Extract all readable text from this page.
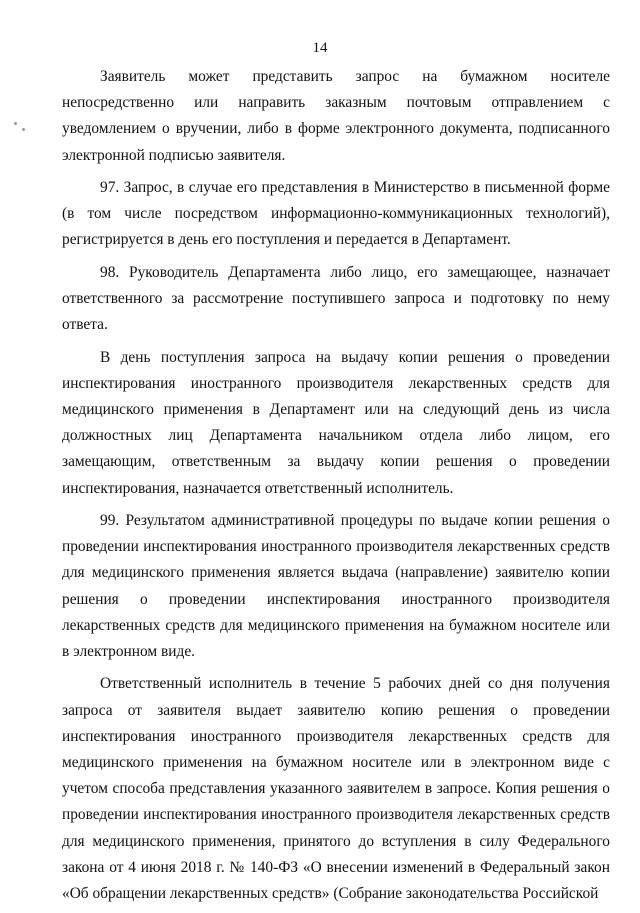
14

Заявитель может представить запрос на бумажном носителе непосредственно или направить заказным почтовым отправлением с уведомлением о вручении, либо в форме электронного документа, подписанного электронной подписью заявителя.

97. Запрос, в случае его представления в Министерство в письменной форме (в том числе посредством информационно-коммуникационных технологий), регистрируется в день его поступления и передается в Департамент.

98. Руководитель Департамента либо лицо, его замещающее, назначает ответственного за рассмотрение поступившего запроса и подготовку по нему ответа.

В день поступления запроса на выдачу копии решения о проведении инспектирования иностранного производителя лекарственных средств для медицинского применения в Департамент или на следующий день из числа должностных лиц Департамента начальником отдела либо лицом, его замещающим, ответственным за выдачу копии решения о проведении инспектирования, назначается ответственный исполнитель.

99. Результатом административной процедуры по выдаче копии решения о проведении инспектирования иностранного производителя лекарственных средств для медицинского применения является выдача (направление) заявителю копии решения о проведении инспектирования иностранного производителя лекарственных средств для медицинского применения на бумажном носителе или в электронном виде.

Ответственный исполнитель в течение 5 рабочих дней со дня получения запроса от заявителя выдает заявителю копию решения о проведении инспектирования иностранного производителя лекарственных средств для медицинского применения на бумажном носителе или в электронном виде с учетом способа представления указанного заявителем в запросе. Копия решения о проведении инспектирования иностранного производителя лекарственных средств для медицинского применения, принятого до вступления в силу Федерального закона от 4 июня 2018 г. № 140-ФЗ «О внесении изменений в Федеральный закон «Об обращении лекарственных средств» (Собрание законодательства Российской
